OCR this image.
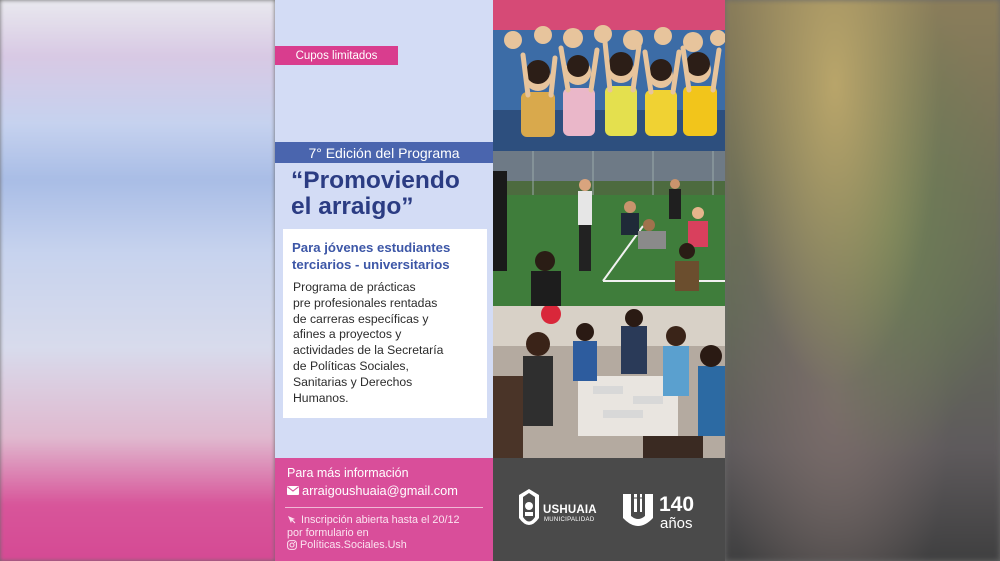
Cupos limitados
7° Edición del Programa
“Promoviendo
el arraigo”
Para jóvenes estudiantes
terciarios - universitarios
Programa de prácticas
pre profesionales rentadas
de carreras específicas y
afines a proyectos y
actividades de la Secretaría
de Políticas Sociales,
Sanitarias y Derechos
Humanos.
Para más información
arraigoushuaia@gmail.com
Inscripción abierta hasta el 20/12
por formulario en
Políticas.Sociales.Ush
USHUAIA
MUNICIPALIDAD
140
años
